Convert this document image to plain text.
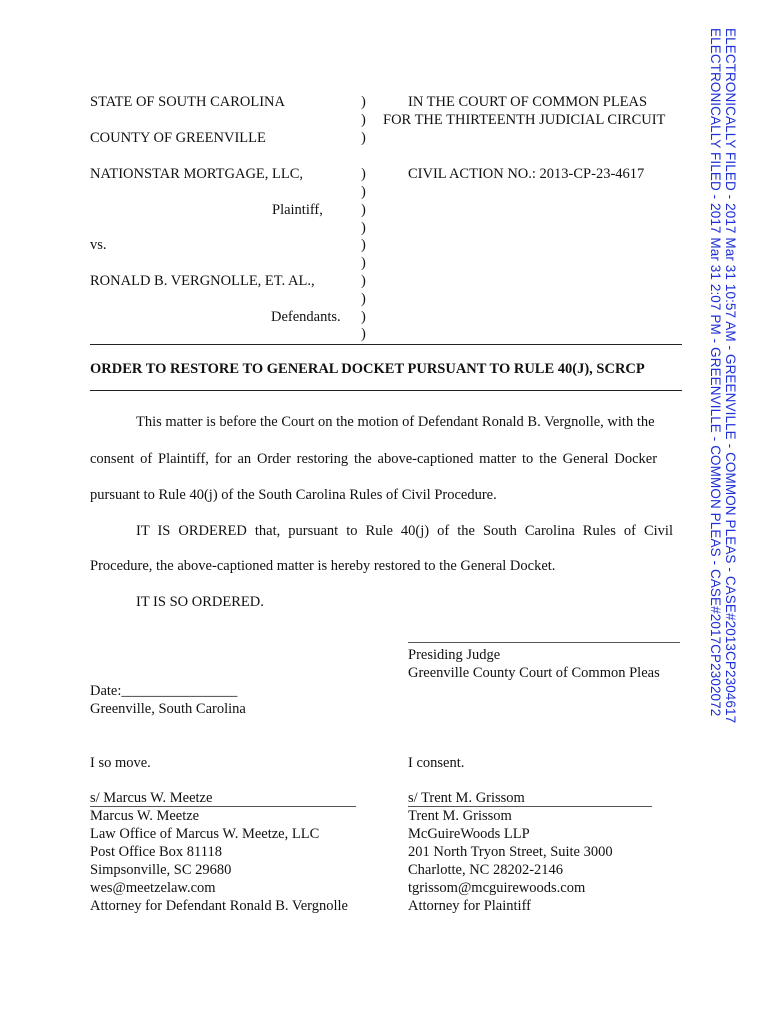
ELECTRONICALLY FILED - 2017 Mar 31 10:57 AM - GREENVILLE - COMMON PLEAS - CASE#2013CP2304617
ELECTRONICALLY FILED - 2017 Mar 31 2:07 PM - GREENVILLE - COMMON PLEAS - CASE#2017CP2302072
STATE OF SOUTH CAROLINA
COUNTY OF GREENVILLE
IN THE COURT OF COMMON PLEAS
FOR THE THIRTEENTH JUDICIAL CIRCUIT
NATIONSTAR MORTGAGE, LLC,	CIVIL ACTION NO.: 2013-CP-23-4617
Plaintiff,
vs.
RONALD B. VERGNOLLE, ET. AL.,
Defendants.
)
)
)
)
)
)
)
)
)
)
)
)
)
ORDER TO RESTORE TO GENERAL DOCKET PURSUANT TO RULE 40(J), SCRCP
This matter is before the Court on the motion of Defendant Ronald B. Vergnolle, with the
consent of Plaintiff, for an Order restoring the above-captioned matter to the General Docker
pursuant to Rule 40(j) of the South Carolina Rules of Civil Procedure.
IT IS ORDERED that, pursuant to Rule 40(j) of the South Carolina Rules of Civil
Procedure, the above-captioned matter is hereby restored to the General Docket.
IT IS SO ORDERED.
Presiding Judge
Greenville County Court of Common Pleas
Date:________________
Greenville, South Carolina
I so move.
s/ Marcus W. Meetze
Marcus W. Meetze
Law Office of Marcus W. Meetze, LLC
Post Office Box 81118
Simpsonville, SC 29680
wes@meetzelaw.com
Attorney for Defendant Ronald B. Vergnolle
I consent.
s/ Trent M. Grissom
Trent M. Grissom
McGuireWoods LLP
201 North Tryon Street, Suite 3000
Charlotte, NC 28202-2146
tgrissom@mcguirewoods.com
Attorney for Plaintiff
